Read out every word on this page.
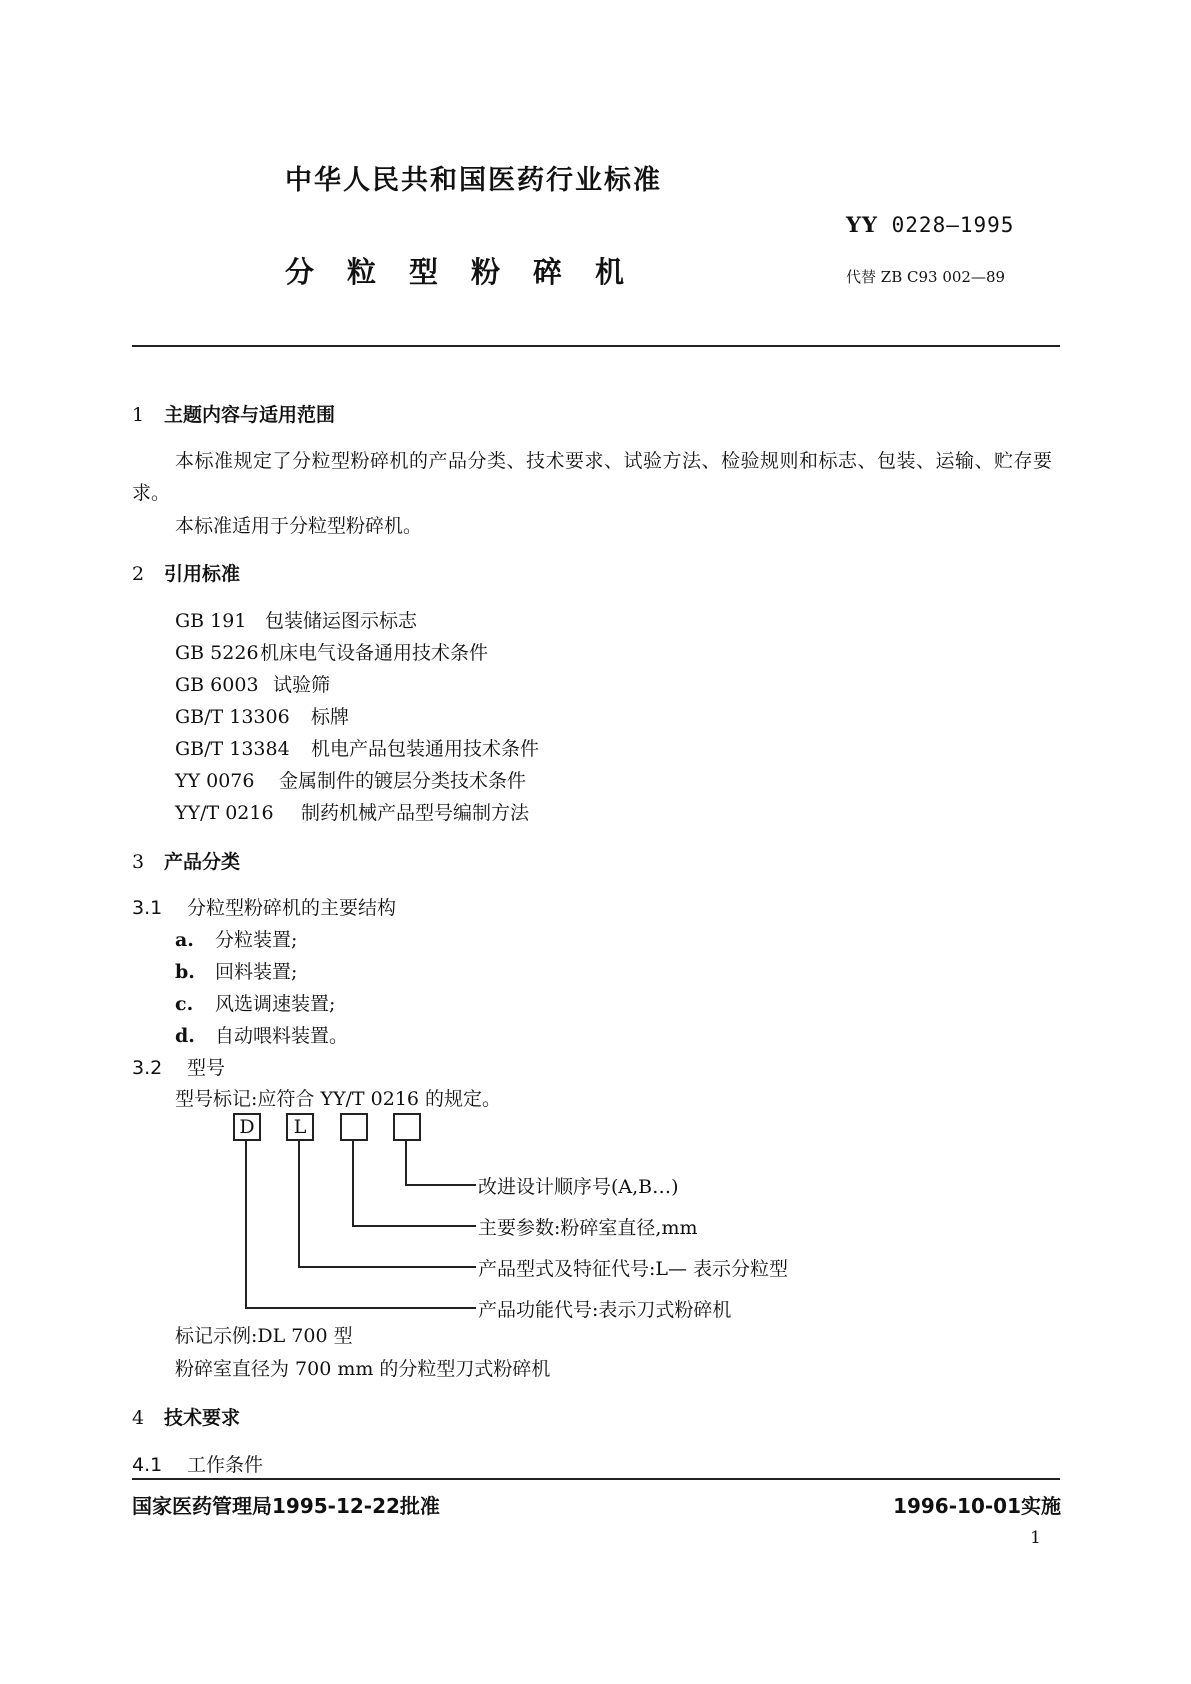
中华人民共和国医药行业标准
YY 0228—1995
分粒型粉碎机	代替 ZB C93 002—89
1 主题内容与适用范围
本标准规定了分粒型粉碎机的产品分类、技术要求、试验方法、检验规则和标志、包装、运输、贮存要
求。
本标准适用于分粒型粉碎机。
2 引用标准
GB 191 包装储运图示标志
GB 5226机床电气设备通用技术条件
GB 6003 试验筛
GB/T 13306 标牌
GB/T 13384 机电产品包装通用技术条件
YY 0076 金属制件的镀层分类技术条件
YY/T 0216 制药机械产品型号编制方法
3 产品分类
3.1 分粒型粉碎机的主要结构
a. 分粒装置;
b. 回料装置;
c. 风选调速装置;
d. 自动喂料装置。
3.2 型号
型号标记:应符合 YY/T 0216 的规定。
D	L
改进设计顺序号(A,B…)
主要参数:粉碎室直径,mm
产品型式及特征代号:L— 表示分粒型
产品功能代号:表示刀式粉碎机
标记示例:DL 700 型
粉碎室直径为 700 mm 的分粒型刀式粉碎机
4 技术要求
4.1 工作条件
国家医药管理局1995-12-22批准	1996-10-01实施
1
